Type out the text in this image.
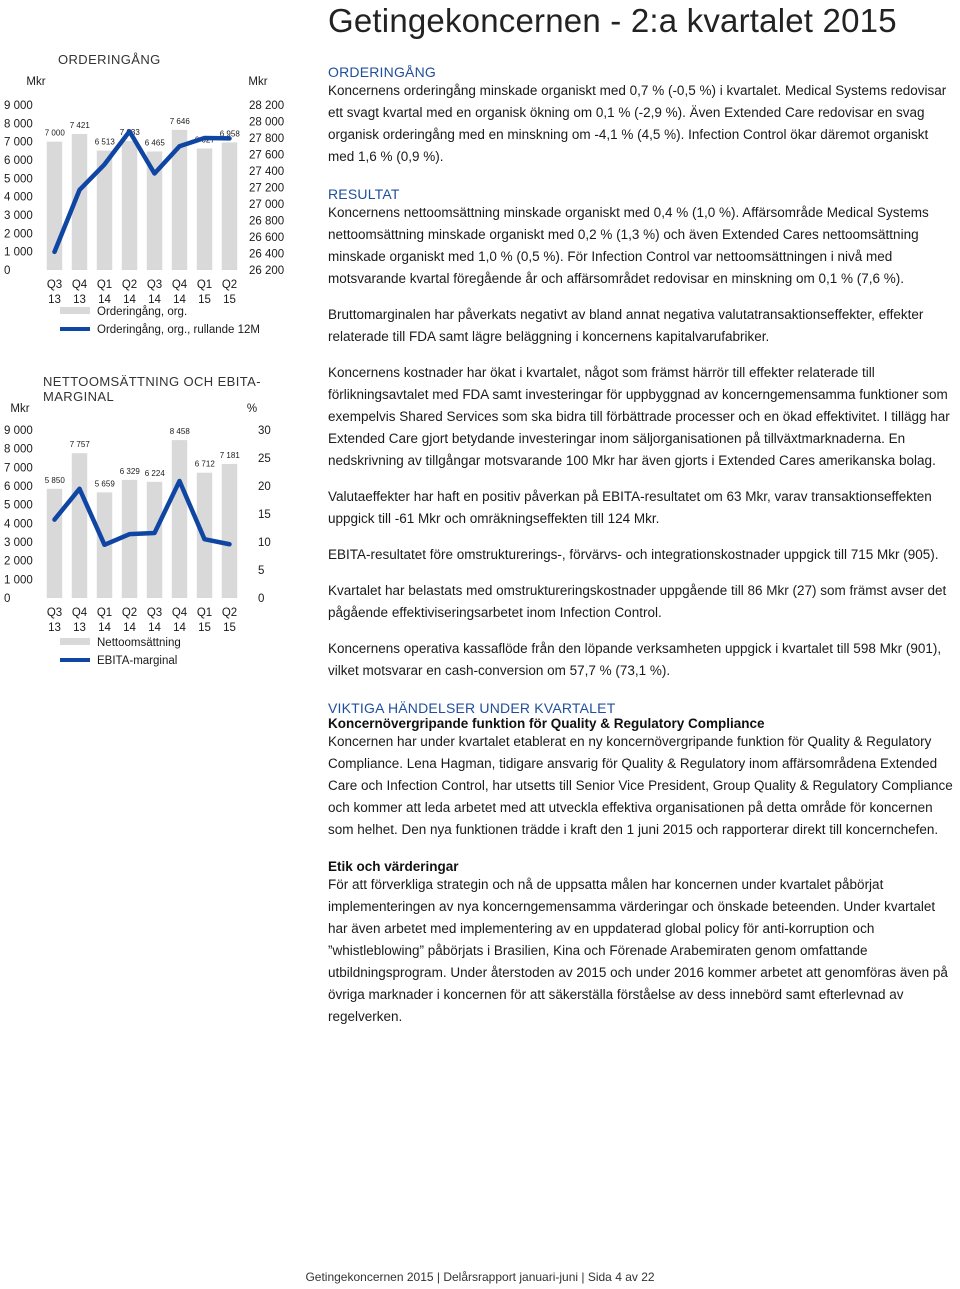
Getingekoncernen - 2:a kvartalet 2015
ORDERINGÅNG
Mkr	Mkr
0
1 000
2 000
3 000
4 000
5 000
6 000
7 000
8 000
9 000
26 200
26 400
26 600
26 800
27 000
27 200
27 400
27 600
27 800
28 000
28 200
7 000
7 421
6 513
7 033
6 465
7 646
6 627
6 958
Q3
13
Q4
13
Q1
14
Q2
14
Q3
14
Q4
14
Q1
15
Q2
15
Orderingång, org.
Orderingång, org., rullande 12M
NETTOOMSÄTTNING OCH EBITA-
MARGINAL
Mkr	%
0
1 000
2 000
3 000
4 000
5 000
6 000
7 000
8 000
9 000
0
5
10
15
20
25
30
5 850
7 757
5 659
6 329 6 224
8 458
6 712
7 181
Q3
13
Q4
13
Q1
14
Q2
14
Q3
14
Q4
14
Q1
15
Q2
15
Nettoomsättning
EBITA-marginal
ORDERINGÅNG

Koncernens orderingång minskade organiskt med 0,7 % (-0,5 %) i kvartalet. Medical Systems redovisar ett svagt kvartal med en organisk ökning om 0,1 % (-2,9 %). Även Extended Care redovisar en svag organisk orderingång med en minskning om -4,1 % (4,5 %). Infection Control ökar däremot organiskt med 1,6 % (0,9 %).

RESULTAT

Koncernens nettoomsättning minskade organiskt med 0,4 % (1,0 %). Affärsområde Medical Systems nettoomsättning minskade organiskt med 0,2 % (1,3 %) och även Extended Cares nettoomsättning minskade organiskt med 1,0 % (0,5 %). För Infection Control var nettoomsättningen i nivå med motsvarande kvartal föregående år och affärsområdet redovisar en minskning om 0,1 % (7,6 %).

Bruttomarginalen har påverkats negativt av bland annat negativa valutatransaktionseffekter, effekter relaterade till FDA samt lägre beläggning i koncernens kapitalvarufabriker.

Koncernens kostnader har ökat i kvartalet, något som främst härrör till effekter relaterade till förlikningsavtalet med FDA samt investeringar för uppbyggnad av koncerngemensamma funktioner som exempelvis Shared Services som ska bidra till förbättrade processer och en ökad effektivitet. I tillägg har Extended Care gjort betydande investeringar inom säljorganisationen på tillväxtmarknaderna. En nedskrivning av tillgångar motsvarande 100 Mkr har även gjorts i Extended Cares amerikanska bolag.

Valutaeffekter har haft en positiv påverkan på EBITA-resultatet om 63 Mkr, varav transaktionseffekten uppgick till -61 Mkr och omräkningseffekten till 124 Mkr.

EBITA-resultatet före omstrukturerings-, förvärvs- och integrationskostnader uppgick till 715 Mkr (905).

Kvartalet har belastats med omstruktureringskostnader uppgående till 86 Mkr (27) som främst avser det pågående effektiviseringsarbetet inom Infection Control.

Koncernens operativa kassaflöde från den löpande verksamheten uppgick i kvartalet till 598 Mkr (901), vilket motsvarar en cash-conversion om 57,7 % (73,1 %).

VIKTIGA HÄNDELSER UNDER KVARTALET
Koncernövergripande funktion för Quality & Regulatory Compliance

Koncernen har under kvartalet etablerat en ny koncernövergripande funktion för Quality & Regulatory Compliance. Lena Hagman, tidigare ansvarig för Quality & Regulatory inom affärsområdena Extended Care och Infection Control, har utsetts till Senior Vice President, Group Quality & Regulatory Compliance och kommer att leda arbetet med att utveckla effektiva organisationen på detta område för koncernen som helhet. Den nya funktionen trädde i kraft den 1 juni 2015 och rapporterar direkt till koncernchefen.

Etik och värderingar

För att förverkliga strategin och nå de uppsatta målen har koncernen under kvartalet påbörjat implementeringen av nya koncerngemensamma värderingar och önskade beteenden. Under kvartalet har även arbetet med implementering av en uppdaterad global policy för anti-korruption och ”whistleblowing” påbörjats i Brasilien, Kina och Förenade Arabemiraten genom omfattande utbildningsprogram. Under återstoden av 2015 och under 2016 kommer arbetet att genomföras även på övriga marknader i koncernen för att säkerställa förståelse av dess innebörd samt efterlevnad av regelverken.

Getingekoncernen 2015 | Delårsrapport januari-juni | Sida 4 av 22
